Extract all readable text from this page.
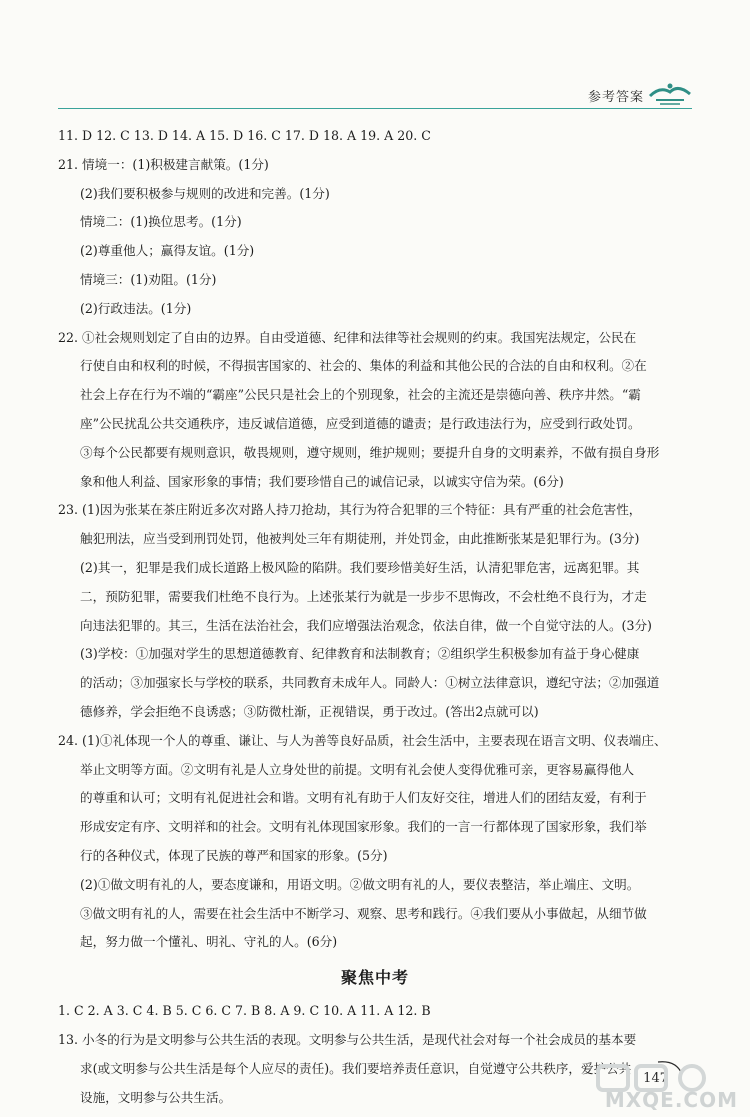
参考答案
11. D 12. C 13. D 14. A 15. D 16. C 17. D 18. A 19. A 20. C
21. 情境一：(1)积极建言献策。(1分)
(2)我们要积极参与规则的改进和完善。(1分)
情境二：(1)换位思考。(1分)
(2)尊重他人；赢得友谊。(1分)
情境三：(1)劝阻。(1分)
(2)行政违法。(1分)
22. ①社会规则划定了自由的边界。自由受道德、纪律和法律等社会规则的约束。我国宪法规定，公民在
行使自由和权利的时候，不得损害国家的、社会的、集体的利益和其他公民的合法的自由和权利。②在
社会上存在行为不端的“霸座”公民只是社会上的个别现象，社会的主流还是崇德向善、秩序井然。“霸
座”公民扰乱公共交通秩序，违反诚信道德，应受到道德的谴责；是行政违法行为，应受到行政处罚。
③每个公民都要有规则意识，敬畏规则，遵守规则，维护规则；要提升自身的文明素养，不做有损自身形
象和他人利益、国家形象的事情；我们要珍惜自己的诚信记录，以诚实守信为荣。(6分)
23. (1)因为张某在茶庄附近多次对路人持刀抢劫，其行为符合犯罪的三个特征：具有严重的社会危害性，
触犯刑法，应当受到刑罚处罚，他被判处三年有期徒刑，并处罚金，由此推断张某是犯罪行为。(3分)
(2)其一，犯罪是我们成长道路上极风险的陷阱。我们要珍惜美好生活，认清犯罪危害，远离犯罪。其
二，预防犯罪，需要我们杜绝不良行为。上述张某行为就是一步步不思悔改，不会杜绝不良行为，才走
向违法犯罪的。其三，生活在法治社会，我们应增强法治观念，依法自律，做一个自觉守法的人。(3分)
(3)学校：①加强对学生的思想道德教育、纪律教育和法制教育；②组织学生积极参加有益于身心健康
的活动；③加强家长与学校的联系，共同教育未成年人。同龄人：①树立法律意识，遵纪守法；②加强道
德修养，学会拒绝不良诱惑；③防微杜渐，正视错误，勇于改过。(答出2点就可以)
24. (1)①礼体现一个人的尊重、谦让、与人为善等良好品质，社会生活中，主要表现在语言文明、仪表端庄、
举止文明等方面。②文明有礼是人立身处世的前提。文明有礼会使人变得优雅可亲，更容易赢得他人
的尊重和认可；文明有礼促进社会和谐。文明有礼有助于人们友好交往，增进人们的团结友爱，有利于
形成安定有序、文明祥和的社会。文明有礼体现国家形象。我们的一言一行都体现了国家形象，我们举
行的各种仪式，体现了民族的尊严和国家的形象。(5分)
(2)①做文明有礼的人，要态度谦和，用语文明。②做文明有礼的人，要仪表整洁，举止端庄、文明。
③做文明有礼的人，需要在社会生活中不断学习、观察、思考和践行。④我们要从小事做起，从细节做
起，努力做一个懂礼、明礼、守礼的人。(6分)
聚焦中考
1. C 2. A 3. C 4. B 5. C 6. C 7. B 8. A 9. C 10. A 11. A 12. B
13. 小冬的行为是文明参与公共生活的表现。文明参与公共生活，是现代社会对每一个社会成员的基本要
求(或文明参与公共生活是每个人应尽的责任)。我们要培养责任意识，自觉遵守公共秩序，爱护公共
设施，文明参与公共生活。
147
MXQE.COM
